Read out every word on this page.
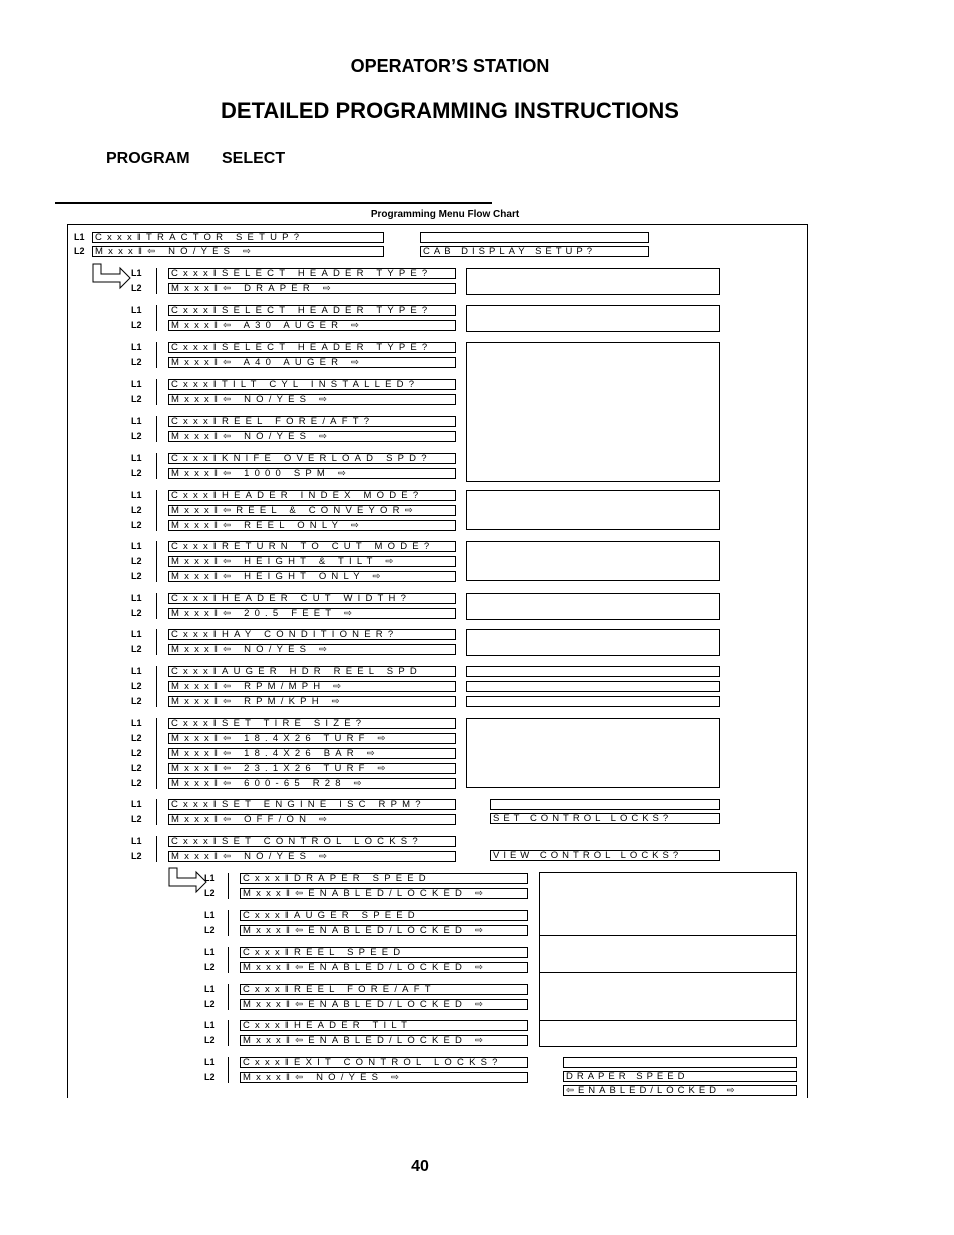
OPERATOR’S STATION
DETAILED PROGRAMMING INSTRUCTIONS
PROGRAM SELECT
Programming Menu Flow Chart
L1
L2
Cxxx‖TRACTOR SETUP?
Mxxx‖⇦ NO/YES ⇨	CAB DISPLAY SETUP?
L1	Cxxx‖SELECT HEADER TYPE?
L2	Mxxx‖⇦ DRAPER ⇨
L1	Cxxx‖SELECT HEADER TYPE?
L2	Mxxx‖⇦ A30 AUGER ⇨
L1	Cxxx‖SELECT HEADER TYPE?
L2	Mxxx‖⇦ A40 AUGER ⇨
L1	Cxxx‖TILT CYL INSTALLED?
L2	Mxxx‖⇦ NO/YES ⇨
L1	Cxxx‖REEL FORE/AFT?
L2	Mxxx‖⇦ NO/YES ⇨
L1	Cxxx‖KNIFE OVERLOAD SPD?
L2	Mxxx‖⇦ 1000 SPM ⇨
L1	Cxxx‖HEADER INDEX MODE?
L2	Mxxx‖⇦REEL & CONVEYOR⇨
L2	Mxxx‖⇦ REEL ONLY ⇨
L1	Cxxx‖RETURN TO CUT MODE?
L2	Mxxx‖⇦ HEIGHT & TILT ⇨
L2	Mxxx‖⇦ HEIGHT ONLY ⇨
L1	Cxxx‖HEADER CUT WIDTH?
L2	Mxxx‖⇦ 20.5 FEET ⇨
L1	Cxxx‖HAY CONDITIONER?
L2	Mxxx‖⇦ NO/YES ⇨
L1	Cxxx‖AUGER HDR REEL SPD
L2	Mxxx‖⇦ RPM/MPH ⇨
L2	Mxxx‖⇦ RPM/KPH ⇨
L1	Cxxx‖SET TIRE SIZE?
L2	Mxxx‖⇦ 18.4X26 TURF ⇨
L2	Mxxx‖⇦ 18.4X26 BAR ⇨
L2	Mxxx‖⇦ 23.1X26 TURF ⇨
L2	Mxxx‖⇦ 600-65 R28 ⇨
L1	Cxxx‖SET ENGINE ISC RPM?
L2	Mxxx‖⇦ OFF/ON ⇨
L1	Cxxx‖SET CONTROL LOCKS?
L2	Mxxx‖⇦ NO/YES ⇨
SET CONTROL LOCKS?
VIEW CONTROL LOCKS?
L1	Cxxx‖DRAPER SPEED
L2	Mxxx‖⇦ENABLED/LOCKED ⇨
L1	Cxxx‖AUGER SPEED
L2	Mxxx‖⇦ENABLED/LOCKED ⇨
L1	Cxxx‖REEL SPEED
L2	Mxxx‖⇦ENABLED/LOCKED ⇨
L1	Cxxx‖REEL FORE/AFT
L2	Mxxx‖⇦ENABLED/LOCKED ⇨
L1	Cxxx‖HEADER TILT
L2	Mxxx‖⇦ENABLED/LOCKED ⇨
L1	Cxxx‖EXIT CONTROL LOCKS?
L2	Mxxx‖⇦ NO/YES ⇨	DRAPER SPEED
⇦ENABLED/LOCKED ⇨
40
